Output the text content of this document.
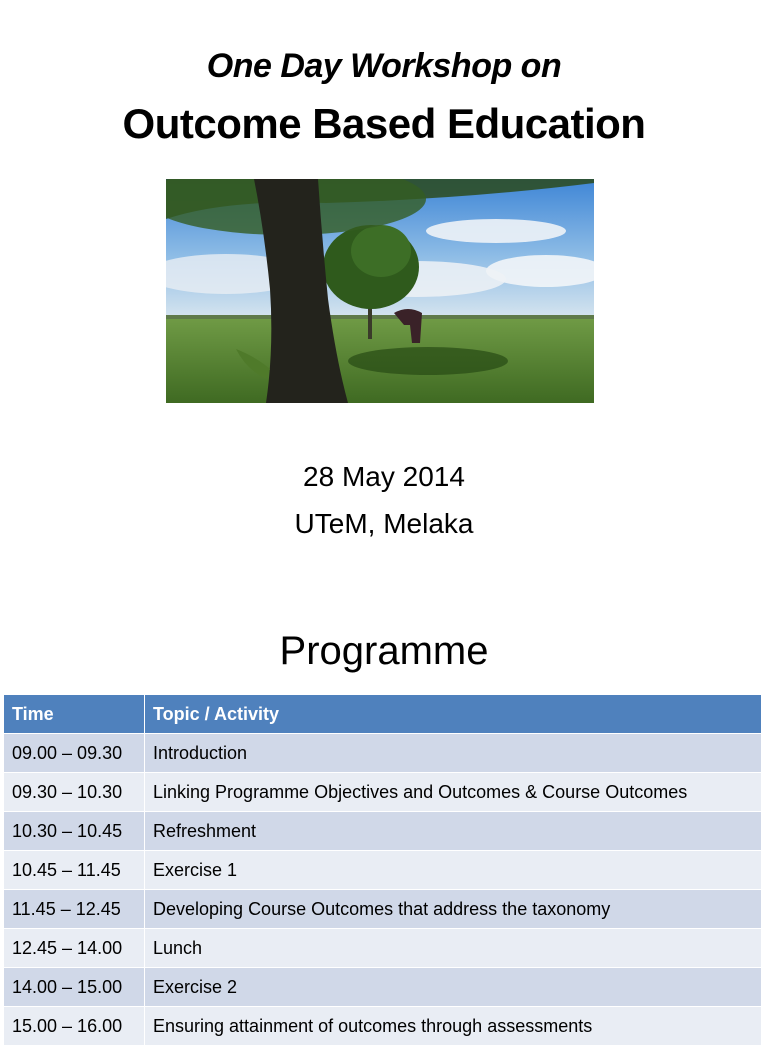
One Day Workshop on
Outcome Based Education
28 May 2014
UTeM, Melaka
Programme
Time	Topic / Activity
09.00 – 09.30	Introduction
09.30 – 10.30	Linking Programme Objectives and Outcomes & Course Outcomes
10.30 – 10.45	Refreshment
10.45 – 11.45	Exercise 1
11.45 – 12.45	Developing Course Outcomes that address the taxonomy
12.45 – 14.00	Lunch
14.00 – 15.00	Exercise 2
15.00 – 16.00	Ensuring attainment of outcomes through assessments
